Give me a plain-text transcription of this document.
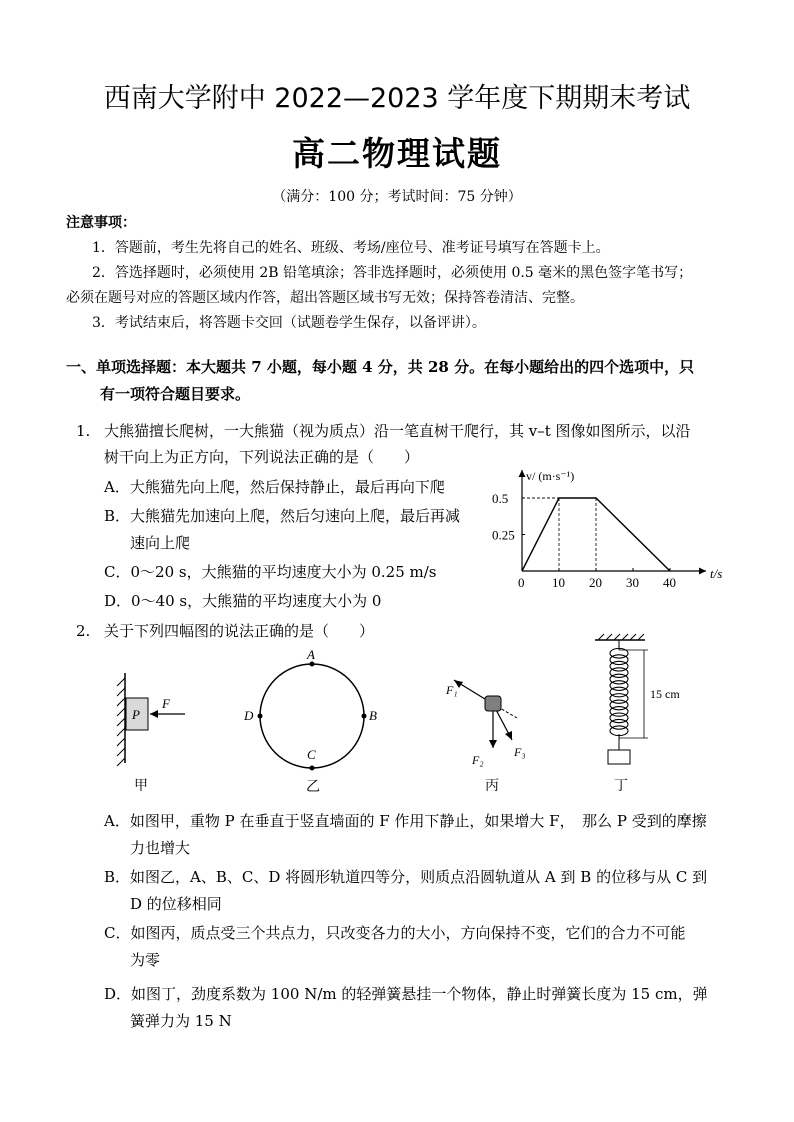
西南大学附中 2022—2023 学年度下期期末考试
高二物理试题
（满分：100 分；考试时间：75 分钟）
注意事项：
1．答题前，考生先将自己的姓名、班级、考场/座位号、准考证号填写在答题卡上。
2．答选择题时，必须使用 2B 铅笔填涂；答非选择题时，必须使用 0.5 毫米的黑色签字笔书写；
必须在题号对应的答题区域内作答，超出答题区域书写无效；保持答卷清洁、完整。
3．考试结束后，将答题卡交回（试题卷学生保存，以备评讲）。
一、单项选择题：本大题共 7 小题，每小题 4 分，共 28 分。在每小题给出的四个选项中，只
有一项符合题目要求。
1. 大熊猫擅长爬树，一大熊猫（视为质点）沿一笔直树干爬行，其 v–t 图像如图所示，以沿
树干向上为正方向，下列说法正确的是（　　）
A．大熊猫先向上爬，然后保持静止，最后再向下爬
B．大熊猫先加速向上爬，然后匀速向上爬，最后再减
速向上爬
C．0～20 s，大熊猫的平均速度大小为 0.25 m/s
D．0～40 s，大熊猫的平均速度大小为 0
v/ (m·s⁻¹)
t/s
0 10 20 30 40
0.5
0.25
2. 关于下列四幅图的说法正确的是（　　）
P
F
甲
A
B
C
D
乙
F₁
F₂
F₃
丙
15 cm
丁
A．如图甲，重物 P 在垂直于竖直墙面的 F 作用下静止，如果增大 F，　那么 P 受到的摩擦
力也增大
B．如图乙，A、B、C、D 将圆形轨道四等分，则质点沿圆轨道从 A 到 B 的位移与从 C 到
D 的位移相同
C．如图丙，质点受三个共点力，只改变各力的大小，方向保持不变，它们的合力不可能
为零
D．如图丁，劲度系数为 100 N/m 的轻弹簧悬挂一个物体，静止时弹簧长度为 15 cm，弹
簧弹力为 15 N
